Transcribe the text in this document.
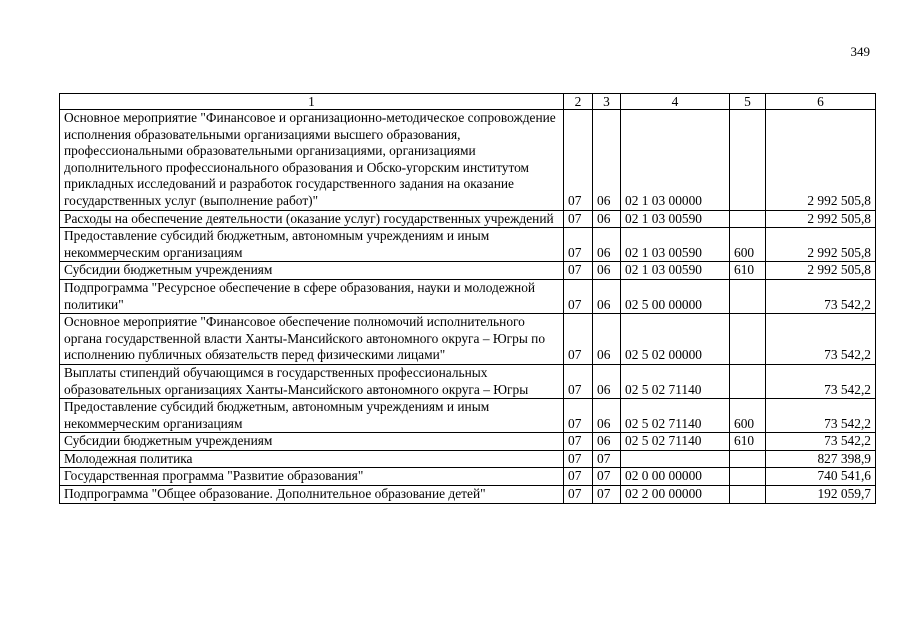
349
1	2	3	4	5	6
Основное мероприятие "Финансовое и организационно-методическое сопровождение исполнения образовательными организациями высшего образования, профессиональными образовательными организациями, организациями дополнительного профессионального образования и Обско-угорским институтом прикладных исследований и разработок государственного задания на оказание государственных услуг (выполнение работ)"	07	06	02 1 03 00000		2 992 505,8
Расходы на обеспечение деятельности (оказание услуг) государственных учреждений	07	06	02 1 03 00590		2 992 505,8
Предоставление субсидий бюджетным, автономным учреждениям и иным некоммерческим организациям	07	06	02 1 03 00590	600	2 992 505,8
Субсидии бюджетным учреждениям	07	06	02 1 03 00590	610	2 992 505,8
Подпрограмма "Ресурсное обеспечение в сфере образования, науки и молодежной политики"	07	06	02 5 00 00000		73 542,2
Основное мероприятие "Финансовое обеспечение полномочий исполнительного органа государственной власти Ханты-Мансийского автономного округа – Югры по исполнению публичных обязательств перед физическими лицами"	07	06	02 5 02 00000		73 542,2
Выплаты стипендий обучающимся в государственных профессиональных образовательных организациях Ханты-Мансийского автономного округа – Югры	07	06	02 5 02 71140		73 542,2
Предоставление субсидий бюджетным, автономным учреждениям и иным некоммерческим организациям	07	06	02 5 02 71140	600	73 542,2
Субсидии бюджетным учреждениям	07	06	02 5 02 71140	610	73 542,2
Молодежная политика	07	07			827 398,9
Государственная программа "Развитие образования"	07	07	02 0 00 00000		740 541,6
Подпрограмма "Общее образование. Дополнительное образование детей"	07	07	02 2 00 00000		192 059,7
